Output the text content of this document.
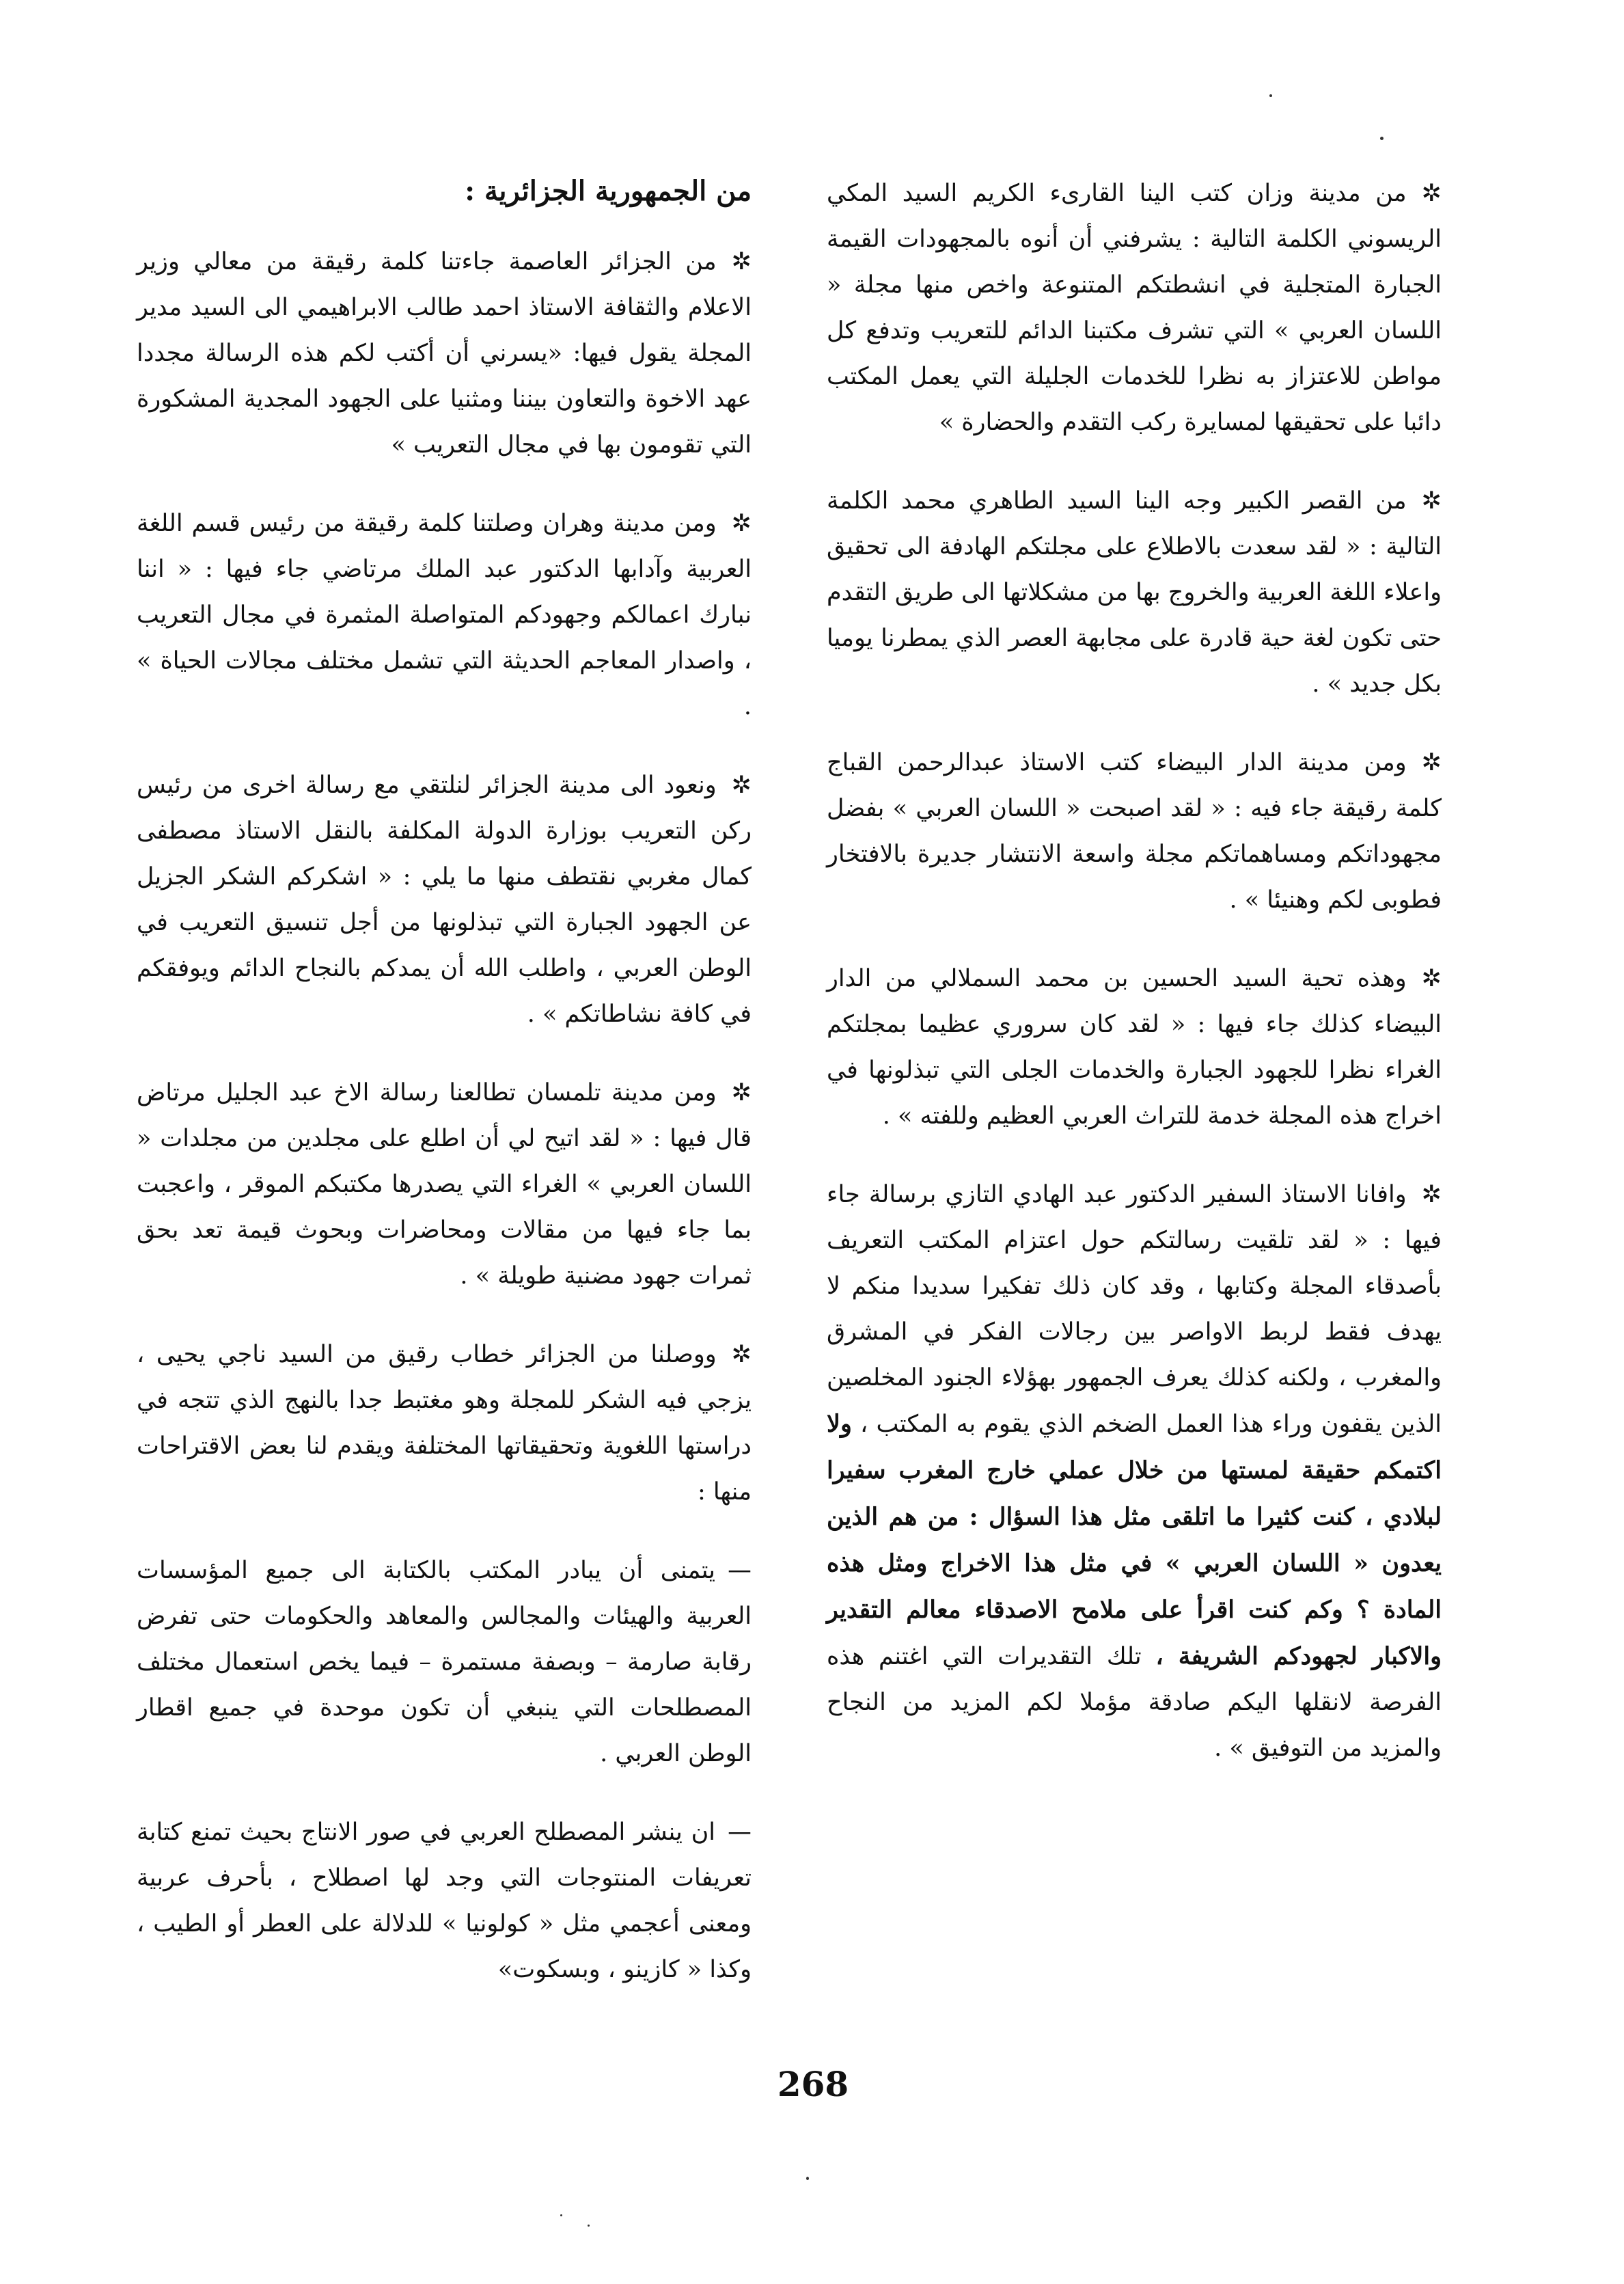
✲من مدينة وزان كتب الينا القارىء الكريم السيد المكي الريسوني الكلمة التالية : يشرفني أن أنوه بالمجهودات القيمة الجبارة المتجلية في انشطتكم المتنوعة واخص منها مجلة « اللسان العربي » التي تشرف مكتبنا الدائم للتعريب وتدفع كل مواطن للاعتزاز به نظرا للخدمات الجليلة التي يعمل المكتب دائبا على تحقيقها لمسايرة ركب التقدم والحضارة »

✲من القصر الكبير وجه الينا السيد الطاهري محمد الكلمة التالية : « لقد سعدت بالاطلاع على مجلتكم الهادفة الى تحقيق واعلاء اللغة العربية والخروج بها من مشكلاتها الى طريق التقدم حتى تكون لغة حية قادرة على مجابهة العصر الذي يمطرنا يوميا بكل جديد » .

✲ومن مدينة الدار البيضاء كتب الاستاذ عبدالرحمن القباج كلمة رقيقة جاء فيه : « لقد اصبحت « اللسان العربي » بفضل مجهوداتكم ومساهماتكم مجلة واسعة الانتشار جديرة بالافتخار فطوبى لكم وهنيئا » .

✲وهذه تحية السيد الحسين بن محمد السملالي من الدار البيضاء كذلك جاء فيها : « لقد كان سروري عظيما بمجلتكم الغراء نظرا للجهود الجبارة والخدمات الجلى التي تبذلونها في اخراج هذه المجلة خدمة للتراث العربي العظيم وللفته » .

✲وافانا الاستاذ السفير الدكتور عبد الهادي التازي برسالة جاء فيها : « لقد تلقيت رسالتكم حول اعتزام المكتب التعريف بأصدقاء المجلة وكتابها ، وقد كان ذلك تفكيرا سديدا منكم لا يهدف فقط لربط الاواصر بين رجالات الفكر في المشرق والمغرب ، ولكنه كذلك يعرف الجمهور بهؤلاء الجنود المخلصين الذين يقفون وراء هذا العمل الضخم الذي يقوم به المكتب ، ولا اكتمكم حقيقة لمستها من خلال عملي خارج المغرب سفيرا لبلادي ، كنت كثيرا ما اتلقى مثل هذا السؤال : من هم الذين يعدون « اللسان العربي » في مثل هذا الاخراج ومثل هذه المادة ؟ وكم كنت اقرأ على ملامح الاصدقاء معالم التقدير والاكبار لجهودكم الشريفة ، تلك التقديرات التي اغتنم هذه الفرصة لانقلها اليكم صادقة مؤملا لكم المزيد من النجاح والمزيد من التوفيق » .

من الجمهورية الجزائرية :

✲من الجزائر العاصمة جاءتنا كلمة رقيقة من معالي وزير الاعلام والثقافة الاستاذ احمد طالب الابراهيمي الى السيد مدير المجلة يقول فيها: «يسرني أن أكتب لكم هذه الرسالة مجددا عهد الاخوة والتعاون بيننا ومثنيا على الجهود المجدية المشكورة التي تقومون بها في مجال التعريب »

✲ومن مدينة وهران وصلتنا كلمة رقيقة من رئيس قسم اللغة العربية وآدابها الدكتور عبد الملك مرتاضي جاء فيها : « اننا نبارك اعمالكم وجهودكم المتواصلة المثمرة في مجال التعريب ، واصدار المعاجم الحديثة التي تشمل مختلف مجالات الحياة » .

✲ونعود الى مدينة الجزائر لنلتقي مع رسالة اخرى من رئيس ركن التعريب بوزارة الدولة المكلفة بالنقل الاستاذ مصطفى كمال مغربي نقتطف منها ما يلي : « اشكركم الشكر الجزيل عن الجهود الجبارة التي تبذلونها من أجل تنسيق التعريب في الوطن العربي ، واطلب الله أن يمدكم بالنجاح الدائم ويوفقكم في كافة نشاطاتكم » .

✲ومن مدينة تلمسان تطالعنا رسالة الاخ عبد الجليل مرتاض قال فيها : « لقد اتيح لي أن اطلع على مجلدين من مجلدات « اللسان العربي » الغراء التي يصدرها مكتبكم الموقر ، واعجبت بما جاء فيها من مقالات ومحاضرات وبحوث قيمة تعد بحق ثمرات جهود مضنية طويلة » .

✲ووصلنا من الجزائر خطاب رقيق من السيد ناجي يحيى ، يزجي فيه الشكر للمجلة وهو مغتبط جدا بالنهج الذي تتجه في دراستها اللغوية وتحقيقاتها المختلفة ويقدم لنا بعض الاقتراحات منها :

—يتمنى أن يبادر المكتب بالكتابة الى جميع المؤسسات العربية والهيئات والمجالس والمعاهد والحكومات حتى تفرض رقابة صارمة – وبصفة مستمرة – فيما يخص استعمال مختلف المصطلحات التي ينبغي أن تكون موحدة في جميع اقطار الوطن العربي .

—ان ينشر المصطلح العربي في صور الانتاج بحيث تمنع كتابة تعريفات المنتوجات التي وجد لها اصطلاح ، بأحرف عربية ومعنى أعجمي مثل « كولونيا » للدلالة على العطر أو الطيب ، وكذا « كازينو ، وبسكوت»

268
